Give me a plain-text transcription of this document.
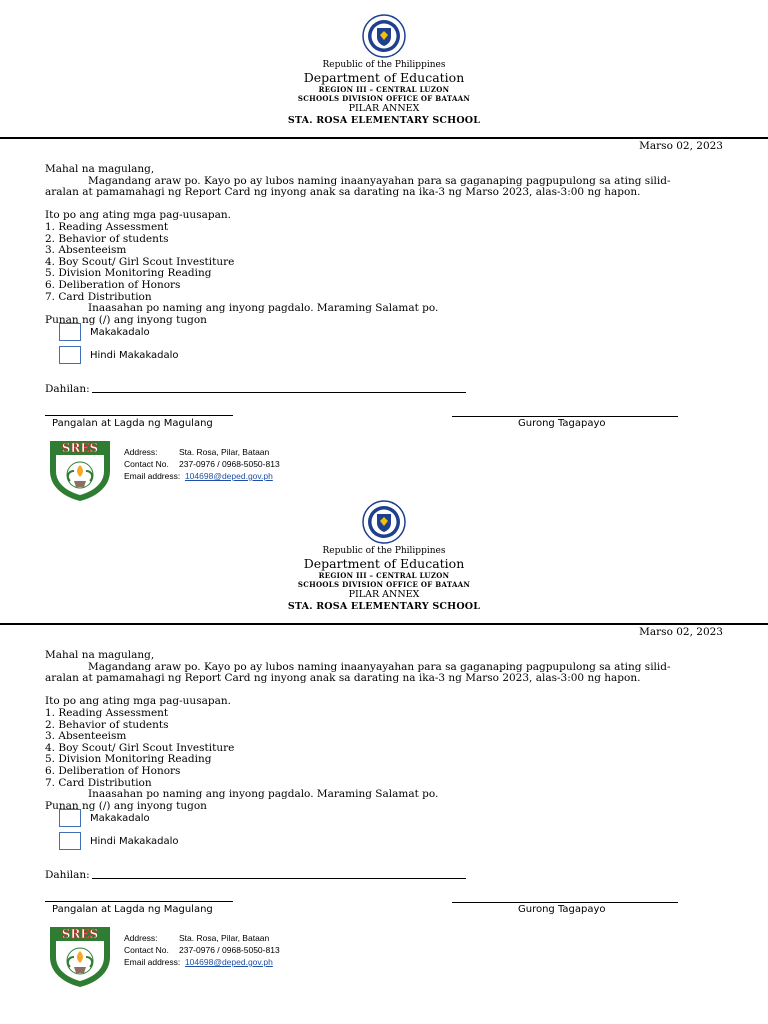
Republic of the Philippines
Department of Education
REGION III – CENTRAL LUZON
SCHOOLS DIVISION OFFICE OF BATAAN
PILAR ANNEX
STA. ROSA ELEMENTARY SCHOOL
Marso 02, 2023

Mahal na magulang,

Magandang araw po. Kayo po ay lubos naming inaanyayahan para sa gaganaping pagpupulong sa ating silid-

aralan at pamamahagi ng Report Card ng inyong anak sa darating na ika-3 ng Marso 2023, alas-3:00 ng hapon.

Ito po ang ating mga pag-uusapan.

1. Reading Assessment

2. Behavior of students

3. Absenteeism

4. Boy Scout/ Girl Scout Investiture

5. Division Monitoring Reading

6. Deliberation of Honors

7. Card Distribution

Inaasahan po naming ang inyong pagdalo. Maraming Salamat po.

Punan ng (/) ang inyong tugon

Makakadalo
Hindi Makakadalo
Dahilan:
Pangalan at Lagda ng Magulang	Gurong Tagapayo
SRES	Address:	Sta. Rosa, Pilar, Bataan
Contact No. 237-0976 / 0968-5050-813
Email address: 104698@deped.gov.ph
Republic of the Philippines
Department of Education
REGION III – CENTRAL LUZON
SCHOOLS DIVISION OFFICE OF BATAAN
PILAR ANNEX
STA. ROSA ELEMENTARY SCHOOL
Marso 02, 2023

Mahal na magulang,

Magandang araw po. Kayo po ay lubos naming inaanyayahan para sa gaganaping pagpupulong sa ating silid-

aralan at pamamahagi ng Report Card ng inyong anak sa darating na ika-3 ng Marso 2023, alas-3:00 ng hapon.

Ito po ang ating mga pag-uusapan.

1. Reading Assessment

2. Behavior of students

3. Absenteeism

4. Boy Scout/ Girl Scout Investiture

5. Division Monitoring Reading

6. Deliberation of Honors

7. Card Distribution

Inaasahan po naming ang inyong pagdalo. Maraming Salamat po.

Punan ng (/) ang inyong tugon

Makakadalo
Hindi Makakadalo
Dahilan:
Pangalan at Lagda ng Magulang	Gurong Tagapayo
SRES	Address:	Sta. Rosa, Pilar, Bataan
Contact No. 237-0976 / 0968-5050-813
Email address: 104698@deped.gov.ph
